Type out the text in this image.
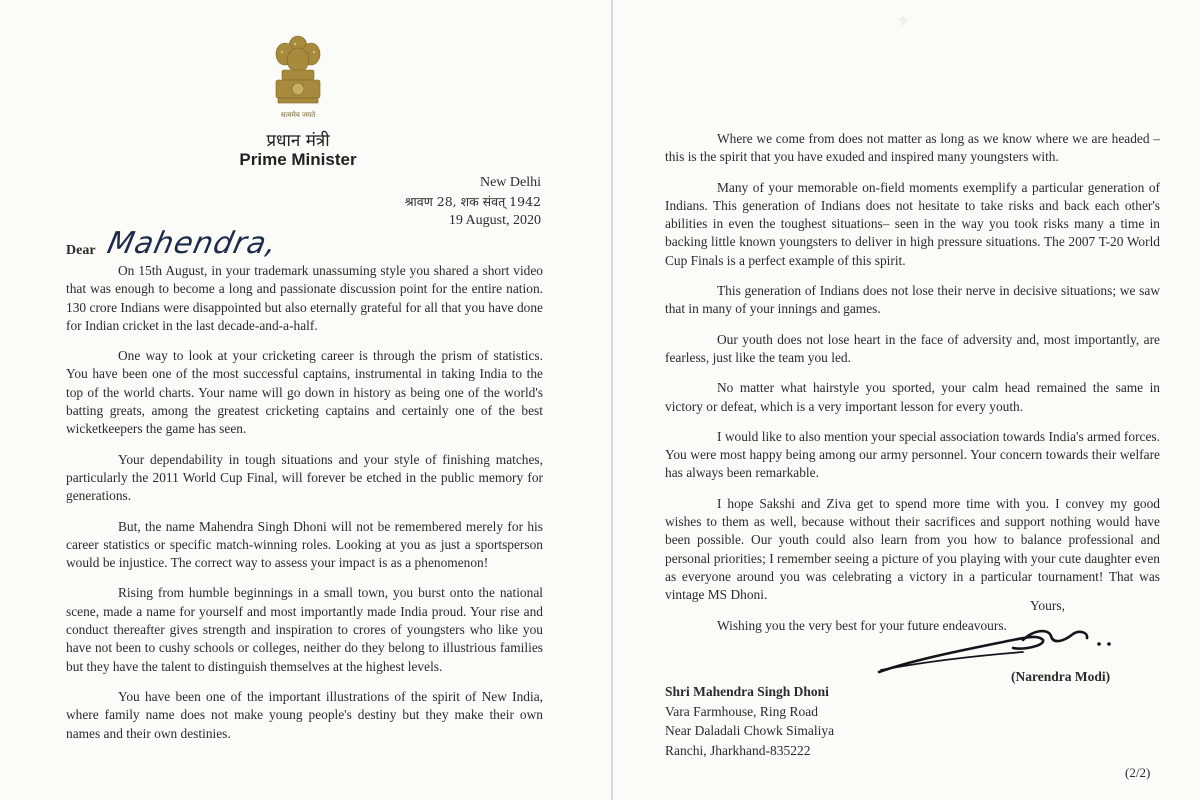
सत्यमेव जयते
प्रधान मंत्री
Prime Minister
New Delhi
श्रावण 28, शक संवत् 1942
19 August, 2020
Dear Mahendra,

On 15th August, in your trademark unassuming style you shared a short video that was enough to become a long and passionate discussion point for the entire nation. 130 crore Indians were disappointed but also eternally grateful for all that you have done for Indian cricket in the last decade-and-a-half.

One way to look at your cricketing career is through the prism of statistics. You have been one of the most successful captains, instrumental in taking India to the top of the world charts. Your name will go down in history as being one of the world's batting greats, among the greatest cricketing captains and certainly one of the best wicketkeepers the game has seen.

Your dependability in tough situations and your style of finishing matches, particularly the 2011 World Cup Final, will forever be etched in the public memory for generations.

But, the name Mahendra Singh Dhoni will not be remembered merely for his career statistics or specific match-winning roles. Looking at you as just a sportsperson would be injustice. The correct way to assess your impact is as a phenomenon!

Rising from humble beginnings in a small town, you burst onto the national scene, made a name for yourself and most importantly made India proud. Your rise and conduct thereafter gives strength and inspiration to crores of youngsters who like you have not been to cushy schools or colleges, neither do they belong to illustrious families but they have the talent to distinguish themselves at the highest levels.

You have been one of the important illustrations of the spirit of New India, where family name does not make young people's destiny but they make their own names and their own destinies.

⚜

Where we come from does not matter as long as we know where we are headed – this is the spirit that you have exuded and inspired many youngsters with.

Many of your memorable on-field moments exemplify a particular generation of Indians. This generation of Indians does not hesitate to take risks and back each other's abilities in even the toughest situations– seen in the way you took risks many a time in backing little known youngsters to deliver in high pressure situations. The 2007 T-20 World Cup Finals is a perfect example of this spirit.

This generation of Indians does not lose their nerve in decisive situations; we saw that in many of your innings and games.

Our youth does not lose heart in the face of adversity and, most importantly, are fearless, just like the team you led.

No matter what hairstyle you sported, your calm head remained the same in victory or defeat, which is a very important lesson for every youth.

I would like to also mention your special association towards India's armed forces. You were most happy being among our army personnel. Your concern towards their welfare has always been remarkable.

I hope Sakshi and Ziva get to spend more time with you. I convey my good wishes to them as well, because without their sacrifices and support nothing would have been possible. Our youth could also learn from you how to balance professional and personal priorities; I remember seeing a picture of you playing with your cute daughter even as everyone around you was celebrating a victory in a particular tournament! That was vintage MS Dhoni.

Wishing you the very best for your future endeavours.

Yours,
(Narendra Modi)
Shri Mahendra Singh Dhoni
Vara Farmhouse, Ring Road
Near Daladali Chowk Simaliya
Ranchi, Jharkhand-835222
(2/2)
